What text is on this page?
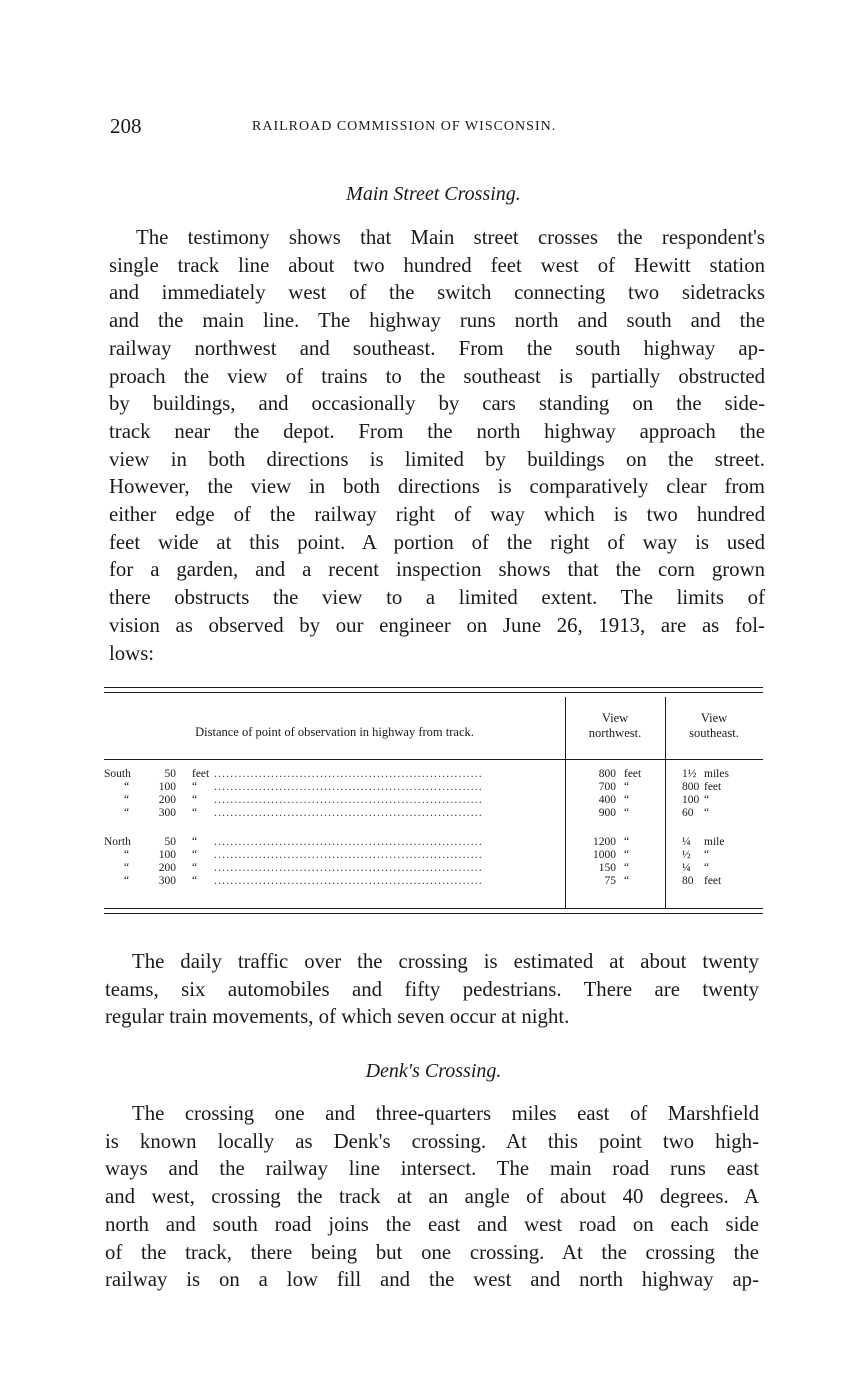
208	RAILROAD COMMISSION OF WISCONSIN.
Main Street Crossing.
The testimony shows that Main street crosses the respondent's
single track line about two hundred feet west of Hewitt station
and immediately west of the switch connecting two sidetracks
and the main line. The highway runs north and south and the
railway northwest and southeast. From the south highway ap-
proach the view of trains to the southeast is partially obstructed
by buildings, and occasionally by cars standing on the side-
track near the depot. From the north highway approach the
view in both directions is limited by buildings on the street.
However, the view in both directions is comparatively clear from
either edge of the railway right of way which is two hundred
feet wide at this point. A portion of the right of way is used
for a garden, and a recent inspection shows that the corn grown
there obstructs the view to a limited extent. The limits of
vision as observed by our engineer on June 26, 1913, are as fol-
lows:
Distance of point of observation in highway from track.
View
northwest.
View
southeast.
South	50 feet ..................................................................	800 feet	1½ miles
“	100 “ ..................................................................	700 “	800 feet
“	200 “ ..................................................................	400 “	100 “
“	300 “ ..................................................................	900 “	60 “
North	50 “ ..................................................................	1200 “	¼	mile
“	100 “ ..................................................................	1000 “	½	“
“	200 “ ..................................................................	150 “	¼	“
“	300 “ ..................................................................	75 “	80 feet
The daily traffic over the crossing is estimated at about twenty
teams, six automobiles and fifty pedestrians. There are twenty
regular train movements, of which seven occur at night.
Denk's Crossing.
The crossing one and three-quarters miles east of Marshfield
is known locally as Denk's crossing. At this point two high-
ways and the railway line intersect. The main road runs east
and west, crossing the track at an angle of about 40 degrees. A
north and south road joins the east and west road on each side
of the track, there being but one crossing. At the crossing the
railway is on a low fill and the west and north highway ap-
